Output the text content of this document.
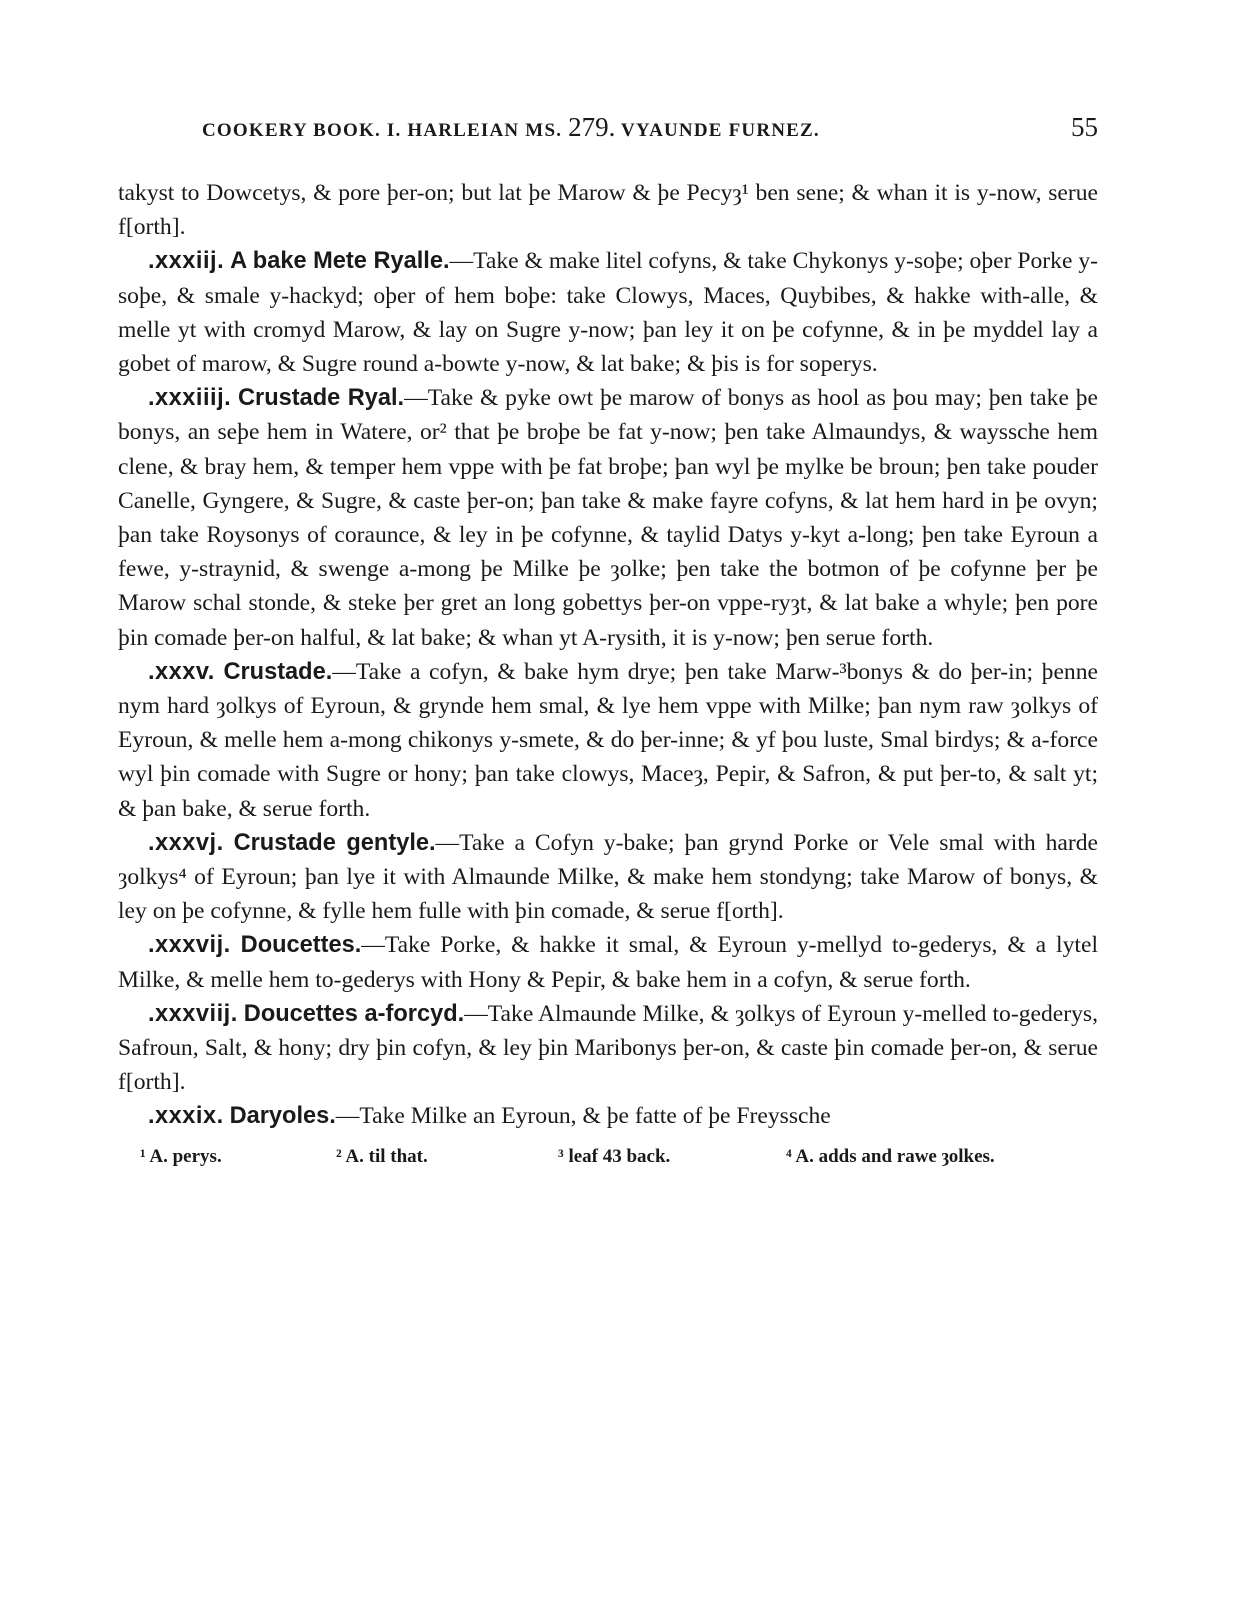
COOKERY BOOK. I. HARLEIAN MS. 279. VYAUNDE FURNEZ.	55

takyst to Dowcetys, & pore þer-on; but lat þe Marow & þe Pecyȝ¹ ben sene; & whan it is y-now, serue f[orth].

.xxxiij. A bake Mete Ryalle.—Take & make litel cofyns, & take Chykonys y-soþe; oþer Porke y-soþe, & smale y-hackyd; oþer of hem boþe: take Clowys, Maces, Quybibes, & hakke with-alle, & melle yt with cromyd Marow, & lay on Sugre y-now; þan ley it on þe cofynne, & in þe myddel lay a gobet of marow, & Sugre round a-bowte y-now, & lat bake; & þis is for soperys.

.xxxiiij. Crustade Ryal.—Take & pyke owt þe marow of bonys as hool as þou may; þen take þe bonys, an seþe hem in Watere, or² that þe broþe be fat y-now; þen take Almaundys, & wayssche hem clene, & bray hem, & temper hem vppe with þe fat broþe; þan wyl þe mylke be broun; þen take pouder Canelle, Gyngere, & Sugre, & caste þer-on; þan take & make fayre cofyns, & lat hem hard in þe ovyn; þan take Roysonys of coraunce, & ley in þe cofynne, & taylid Datys y-kyt a-long; þen take Eyroun a fewe, y-straynid, & swenge a-mong þe Milke þe ȝolke; þen take the botmon of þe cofynne þer þe Marow schal stonde, & steke þer gret an long gobettys þer-on vppe-ryȝt, & lat bake a whyle; þen pore þin comade þer-on halful, & lat bake; & whan yt A-rysith, it is y-now; þen serue forth.

.xxxv. Crustade.—Take a cofyn, & bake hym drye; þen take Marw-³bonys & do þer-in; þenne nym hard ȝolkys of Eyroun, & grynde hem smal, & lye hem vppe with Milke; þan nym raw ȝolkys of Eyroun, & melle hem a-mong chikonys y-smete, & do þer-inne; & yf þou luste, Smal birdys; & a-force wyl þin comade with Sugre or hony; þan take clowys, Maceȝ, Pepir, & Safron, & put þer-to, & salt yt; & þan bake, & serue forth.

.xxxvj. Crustade gentyle.—Take a Cofyn y-bake; þan grynd Porke or Vele smal with harde ȝolkys⁴ of Eyroun; þan lye it with Almaunde Milke, & make hem stondyng; take Marow of bonys, & ley on þe cofynne, & fylle hem fulle with þin comade, & serue f[orth].

.xxxvij. Doucettes.—Take Porke, & hakke it smal, & Eyroun y-mellyd to-gederys, & a lytel Milke, & melle hem to-gederys with Hony & Pepir, & bake hem in a cofyn, & serue forth.

.xxxviij. Doucettes a-forcyd.—Take Almaunde Milke, & ȝolkys of Eyroun y-melled to-gederys, Safroun, Salt, & hony; dry þin cofyn, & ley þin Maribonys þer-on, & caste þin comade þer-on, & serue f[orth].

.xxxix. Daryoles.—Take Milke an Eyroun, & þe fatte of þe Freyssche

¹ A. perys.	² A. til that.	³ leaf 43 back.	⁴ A. adds and rawe ȝolkes.
